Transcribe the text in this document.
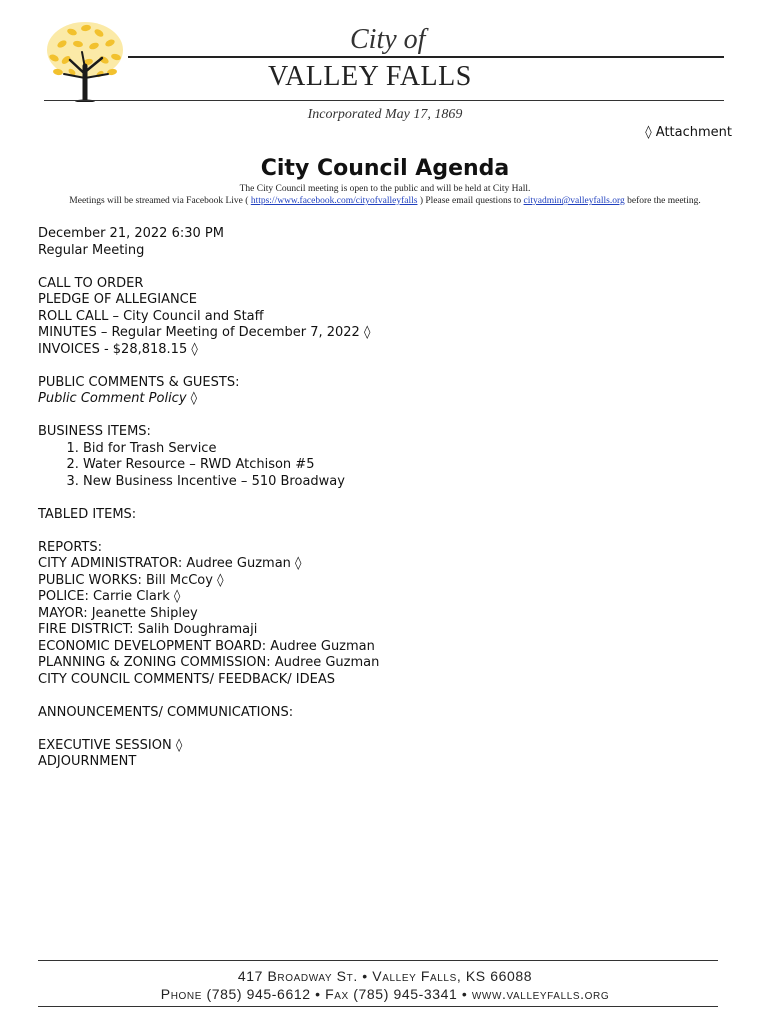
City of
VALLEY FALLS
Incorporated May 17, 1869
◊ Attachment
City Council Agenda
The City Council meeting is open to the public and will be held at City Hall.
Meetings will be streamed via Facebook Live ( https://www.facebook.com/cityofvalleyfalls ) Please email questions to cityadmin@valleyfalls.org before the meeting.
December 21, 2022 6:30 PM
Regular Meeting
CALL TO ORDER
PLEDGE OF ALLEGIANCE
ROLL CALL – City Council and Staff
MINUTES – Regular Meeting of December 7, 2022 ◊
INVOICES - $28,818.15 ◊
PUBLIC COMMENTS & GUESTS:
Public Comment Policy ◊
BUSINESS ITEMS:
1. Bid for Trash Service
2. Water Resource – RWD Atchison #5
3. New Business Incentive – 510 Broadway
TABLED ITEMS:
REPORTS:
CITY ADMINISTRATOR: Audree Guzman ◊
PUBLIC WORKS: Bill McCoy ◊
POLICE: Carrie Clark ◊
MAYOR: Jeanette Shipley
FIRE DISTRICT: Salih Doughramaji
ECONOMIC DEVELOPMENT BOARD: Audree Guzman
PLANNING & ZONING COMMISSION: Audree Guzman
CITY COUNCIL COMMENTS/ FEEDBACK/ IDEAS
ANNOUNCEMENTS/ COMMUNICATIONS:
EXECUTIVE SESSION ◊
ADJOURNMENT
417 Broadway St. • Valley Falls, KS 66088
Phone (785) 945-6612 • Fax (785) 945-3341 • www.valleyfalls.org
